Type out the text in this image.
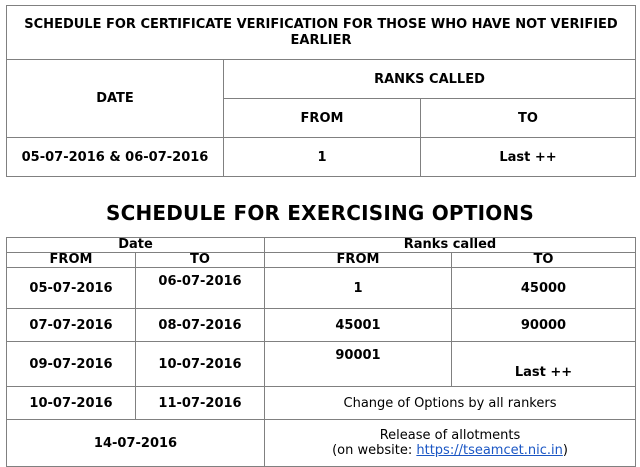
SCHEDULE FOR CERTIFICATE VERIFICATION FOR THOSE WHO HAVE NOT VERIFIED EARLIER		
DATE	RANKS CALLED	
	FROM	TO
05-07-2016 & 06-07-2016	1	Last ++
SCHEDULE FOR EXERCISING OPTIONS
Date		Ranks called	
FROM	TO	FROM	TO
05-07-2016	06-07-2016	1	45000
07-07-2016	08-07-2016	45001	90000
09-07-2016	10-07-2016	90001	Last ++
10-07-2016	11-07-2016	Change of Options by all rankers	
14-07-2016		Release of allotments
(on website: https://tseamcet.nic.in)	
